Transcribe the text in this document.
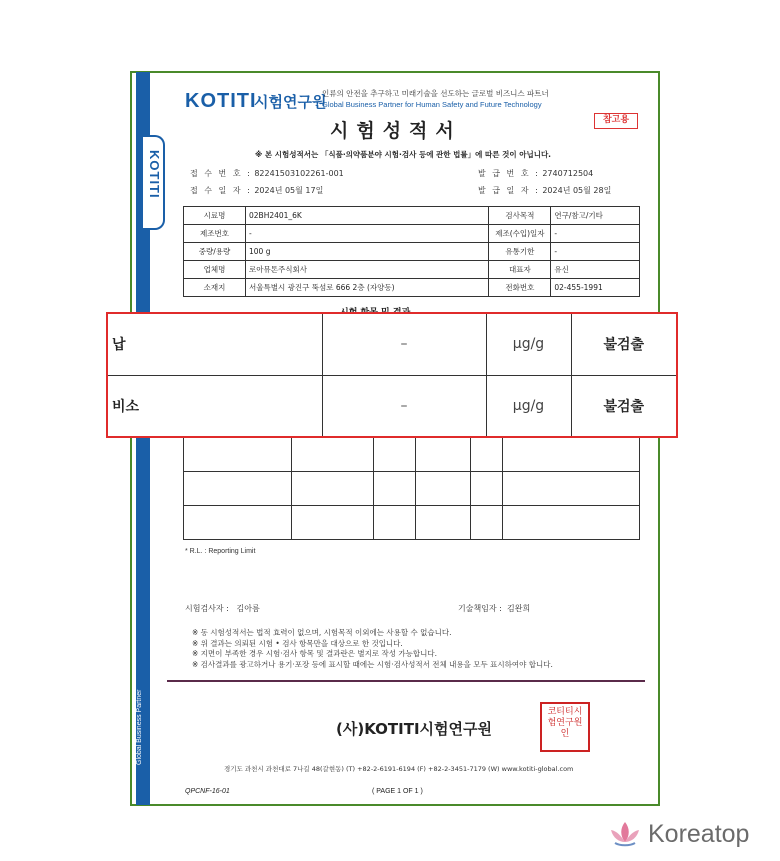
KOTITI
Global Business Partner
KOTITI
시험연구원
인류의 안전을 추구하고 미래기술을 선도하는 글로벌 비즈니스 파트너
Global Business Partner for Human Safety and Future Technology
시험성적서	참고용
※ 본 시험성적서는 「식품·의약품분야 시험·검사 등에 관한 법률」에 따른 것이 아닙니다.
접 수 번 호 : 82241503102261-001	발 급 번 호 : 2740712504
접 수 일 자 : 2024년 05월 17일	발 급 일 자 : 2024년 05월 28일
시료명	02BH2401_6K	검사목적	연구/참고/기타
제조번호	-	제조(수입)일자	-
중량/용량	100 g	유통기한	-
업체명	로아뮤톤주식회사	대표자	유신
소재지	서울특별시 광진구 뚝섬로 666 2층 (자양동)	전화번호	02-455-1991

* R.L. : Reporting Limit
시험검사자 : 김아름	기술책임자 : 김완희
※ 동 시험성적서는 법적 효력이 없으며, 시험목적 이외에는 사용할 수 없습니다.
※ 위 결과는 의뢰된 시험 • 검사 항목만을 대상으로 한 것입니다.
※ 지면이 부족한 경우 시험·검사 항목 및 결과란은 별지로 작성 가능합니다.
※ 검사결과를 광고하거나 용기·포장 등에 표시할 때에는 시험·검사성적서 전체 내용을 모두 표시하여야 합니다.
(사)KOTITI시험연구원
코티티시험연구원인
경기도 과천시 과천대로 7나길 48(갈현동) (T) +82-2-6191-6194 (F) +82-2-3451-7179 (W) www.kotiti-global.com
QPCNF-16-01	( PAGE 1 OF 1 )
납	–	μg/g	불검출
비소	–	μg/g	불검출
Koreatop
